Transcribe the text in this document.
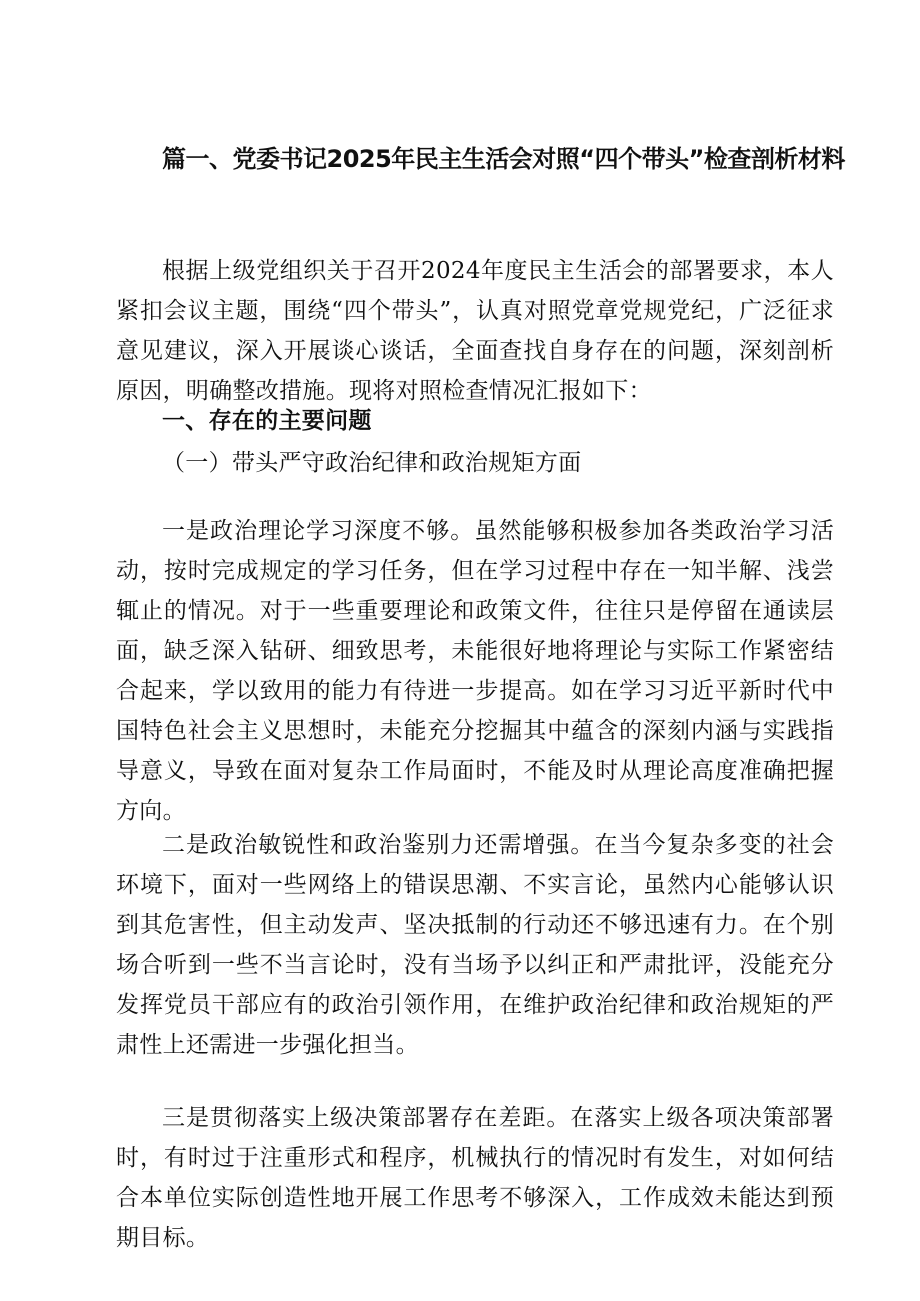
篇一、党委书记2025年民主生活会对照“四个带头”检查剖析材料

根据上级党组织关于召开2024年度民主生活会的部署要求，本人紧扣会议主题，围绕“四个带头”，认真对照党章党规党纪，广泛征求意见建议，深入开展谈心谈话，全面查找自身存在的问题，深刻剖析原因，明确整改措施。现将对照检查情况汇报如下：

一、存在的主要问题
（一）带头严守政治纪律和政治规矩方面

一是政治理论学习深度不够。虽然能够积极参加各类政治学习活动，按时完成规定的学习任务，但在学习过程中存在一知半解、浅尝辄止的情况。对于一些重要理论和政策文件，往往只是停留在通读层面，缺乏深入钻研、细致思考，未能很好地将理论与实际工作紧密结合起来，学以致用的能力有待进一步提高。如在学习习近平新时代中国特色社会主义思想时，未能充分挖掘其中蕴含的深刻内涵与实践指导意义，导致在面对复杂工作局面时，不能及时从理论高度准确把握方向。

二是政治敏锐性和政治鉴别力还需增强。在当今复杂多变的社会环境下，面对一些网络上的错误思潮、不实言论，虽然内心能够认识到其危害性，但主动发声、坚决抵制的行动还不够迅速有力。在个别场合听到一些不当言论时，没有当场予以纠正和严肃批评，没能充分发挥党员干部应有的政治引领作用，在维护政治纪律和政治规矩的严肃性上还需进一步强化担当。

三是贯彻落实上级决策部署存在差距。在落实上级各项决策部署时，有时过于注重形式和程序，机械执行的情况时有发生，对如何结合本单位实际创造性地开展工作思考不够深入，工作成效未能达到预期目标。
